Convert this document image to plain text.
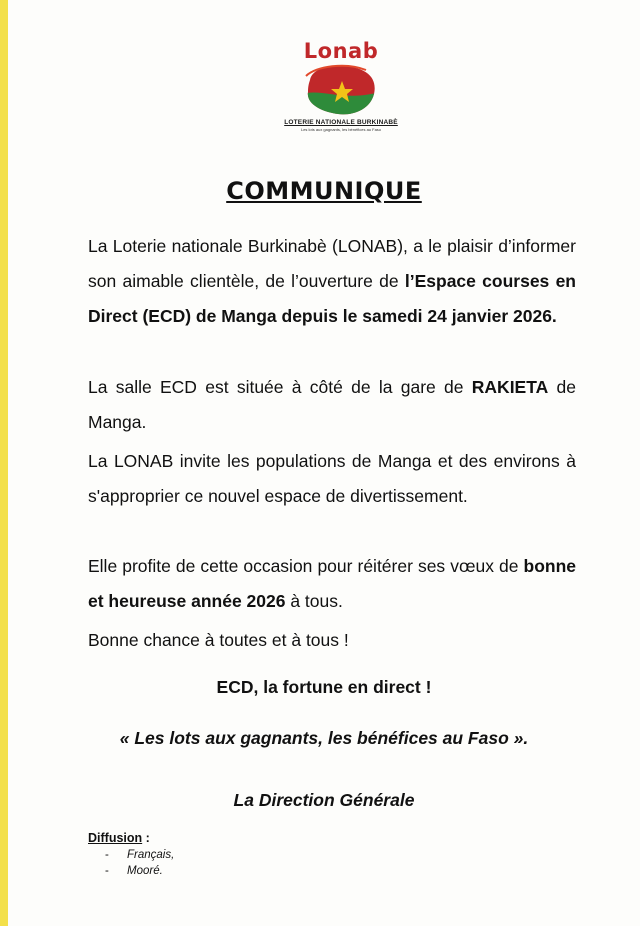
Lonab
LOTERIE NATIONALE BURKINABÈ
Les lots aux gagnants, les bénéfices au Faso
COMMUNIQUE
La Loterie nationale Burkinabè (LONAB), a le plaisir d’informer son aimable clientèle, de l’ouverture de l’Espace courses en Direct (ECD) de Manga depuis le samedi 24 janvier 2026.
La salle ECD est située à côté de la gare de RAKIETA de Manga.
La LONAB invite les populations de Manga et des environs à s'approprier ce nouvel espace de divertissement.
Elle profite de cette occasion pour réitérer ses vœux de bonne et heureuse année 2026 à tous.
Bonne chance à toutes et à tous !
ECD, la fortune en direct !
« Les lots aux gagnants, les bénéfices au Faso ».
La Direction Générale
Diffusion :
- Français,
- Mooré.
